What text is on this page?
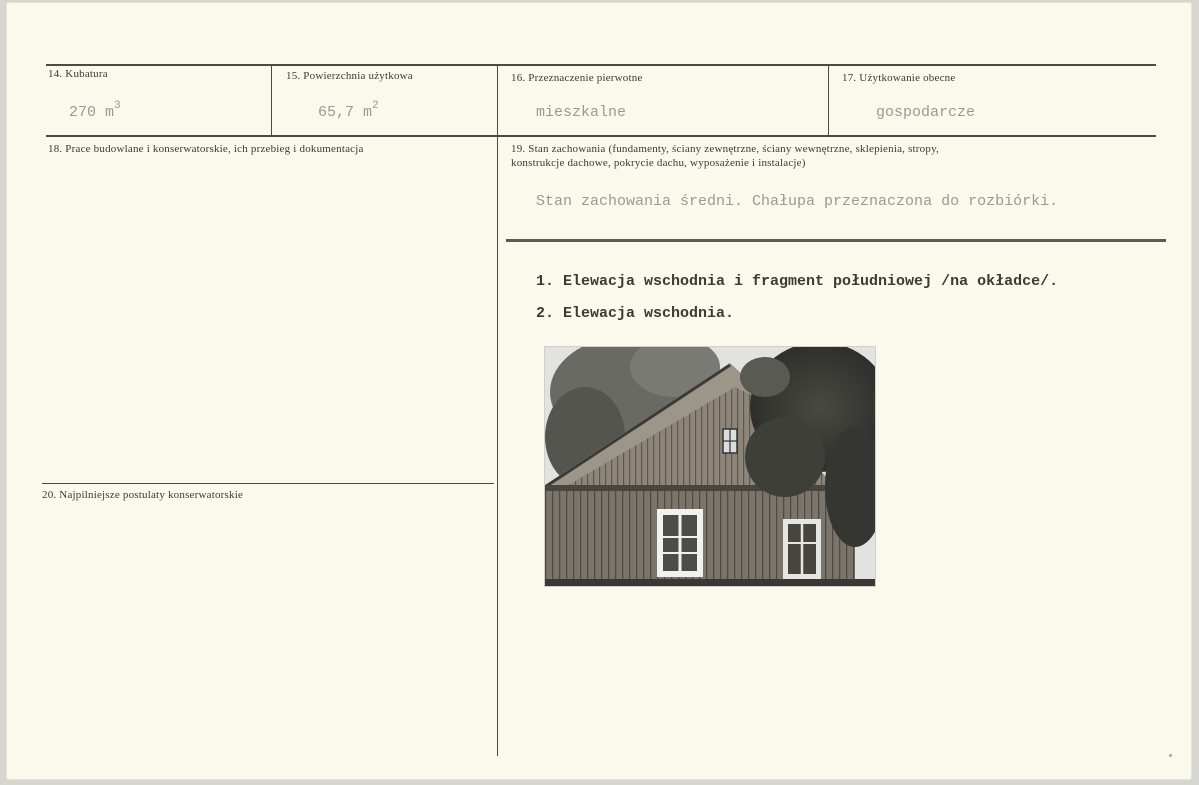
14. Kubatura
270 $m^3$
15. Powierzchnia użytkowa
65,7 $m^2$
16. Przeznaczenie pierwotne
mieszkalne
17. Użytkowanie obecne
gospodarcze
18. Prace budowlane i konserwatorskie, ich przebieg i dokumentacja	19. Stan zachowania (fundamenty, ściany zewnętrzne, ściany wewnętrzne, sklepienia, stropy,
konstrukcje dachowe, pokrycie dachu, wyposażenie i instalacje)
Stan zachowania średni. Chałupa przeznaczona do rozbiórki.
1. Elewacja wschodnia i fragment południowej /na okładce/.
2. Elewacja wschodnia.
20. Najpilniejsze postulaty konserwatorskie
